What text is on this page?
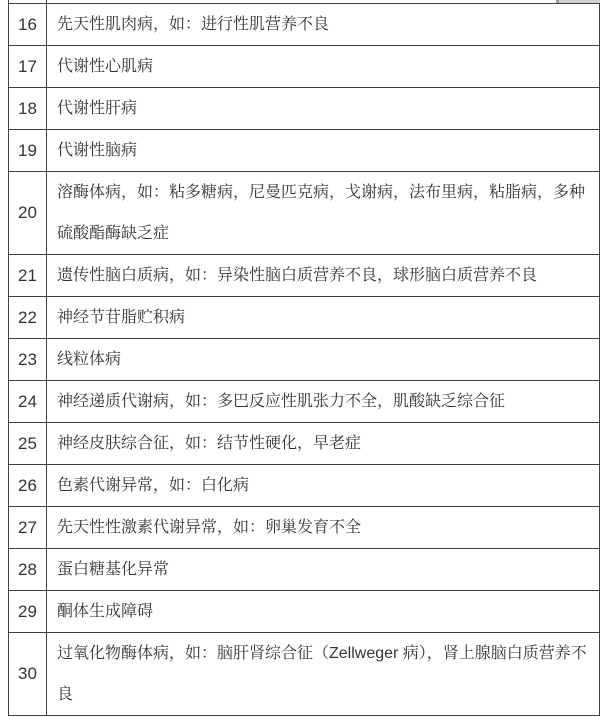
16	先天性肌肉病，如：进行性肌营养不良
17	代谢性心肌病
18	代谢性肝病
19	代谢性脑病
20	溶酶体病，如：粘多糖病，尼曼匹克病，戈谢病，法布里病，粘脂病，多种硫酸酯酶缺乏症
21	遗传性脑白质病，如：异染性脑白质营养不良，球形脑白质营养不良
22	神经节苷脂贮积病
23	线粒体病
24	神经递质代谢病，如：多巴反应性肌张力不全，肌酸缺乏综合征
25	神经皮肤综合征，如：结节性硬化，早老症
26	色素代谢异常，如：白化病
27	先天性性激素代谢异常，如：卵巢发育不全
28	蛋白糖基化异常
29	酮体生成障碍
30	过氧化物酶体病，如：脑肝肾综合征（Zellweger 病），肾上腺脑白质营养不良
